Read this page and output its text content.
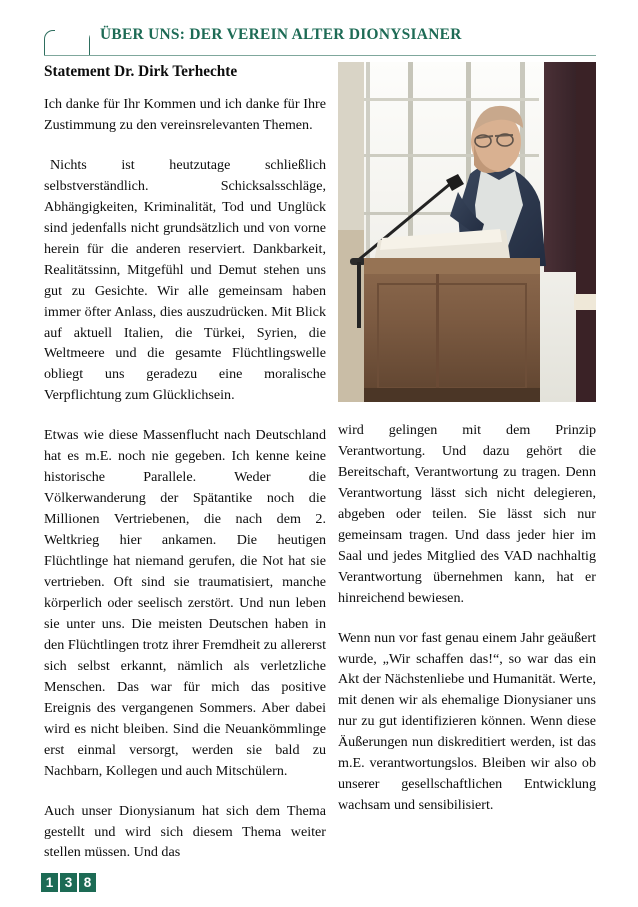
ÜBER UNS: DER VEREIN ALTER DIONYSIANER
Statement Dr. Dirk Terhechte

Ich danke für Ihr Kommen und ich danke für Ihre Zustimmung zu den vereinsrelevanten Themen.

Nichts ist heutzutage schließlich selbstverständlich. Schicksalsschläge, Abhängigkeiten, Kriminalität, Tod und Unglück sind jedenfalls nicht grundsätzlich und von vorne herein für die anderen reserviert. Dankbarkeit, Realitätssinn, Mitgefühl und Demut stehen uns gut zu Gesichte. Wir alle gemeinsam haben immer öfter Anlass, dies auszudrücken. Mit Blick auf aktuell Italien, die Türkei, Syrien, die Weltmeere und die gesamte Flüchtlingswelle obliegt uns geradezu eine moralische Verpflichtung zum Glücklichsein.

Etwas wie diese Massenflucht nach Deutschland hat es m.E. noch nie gegeben. Ich kenne keine historische Parallele. Weder die Völkerwanderung der Spätantike noch die Millionen Vertriebenen, die nach dem 2. Weltkrieg hier ankamen. Die heutigen Flüchtlinge hat niemand gerufen, die Not hat sie vertrieben. Oft sind sie traumatisiert, manche körperlich oder seelisch zerstört. Und nun leben sie unter uns. Die meisten Deutschen haben in den Flüchtlingen trotz ihrer Fremdheit zu allererst sich selbst erkannt, nämlich als verletzliche Menschen. Das war für mich das positive Ereignis des vergangenen Sommers. Aber dabei wird es nicht bleiben. Sind die Neuankömmlinge erst einmal versorgt, werden sie bald zu Nachbarn, Kollegen und auch Mitschülern.

Auch unser Dionysianum hat sich dem Thema gestellt und wird sich diesem Thema weiter stellen müssen. Und das

wird gelingen mit dem Prinzip Verantwortung. Und dazu gehört die Bereitschaft, Verantwortung zu tragen. Denn Verantwortung lässt sich nicht delegieren, abgeben oder teilen. Sie lässt sich nur gemeinsam tragen. Und dass jeder hier im Saal und jedes Mitglied des VAD nachhaltig Verantwortung übernehmen kann, hat er hinreichend bewiesen.

Wenn nun vor fast genau einem Jahr geäußert wurde, „Wir schaffen das!“, so war das ein Akt der Nächstenliebe und Humanität. Werte, mit denen wir als ehemalige Dionysianer uns nur zu gut identifizieren können. Wenn diese Äußerungen nun diskreditiert werden, ist das m.E. verantwortungslos. Bleiben wir also ob unserer gesellschaftlichen Entwicklung wachsam und sensibilisiert.

1 3 8
